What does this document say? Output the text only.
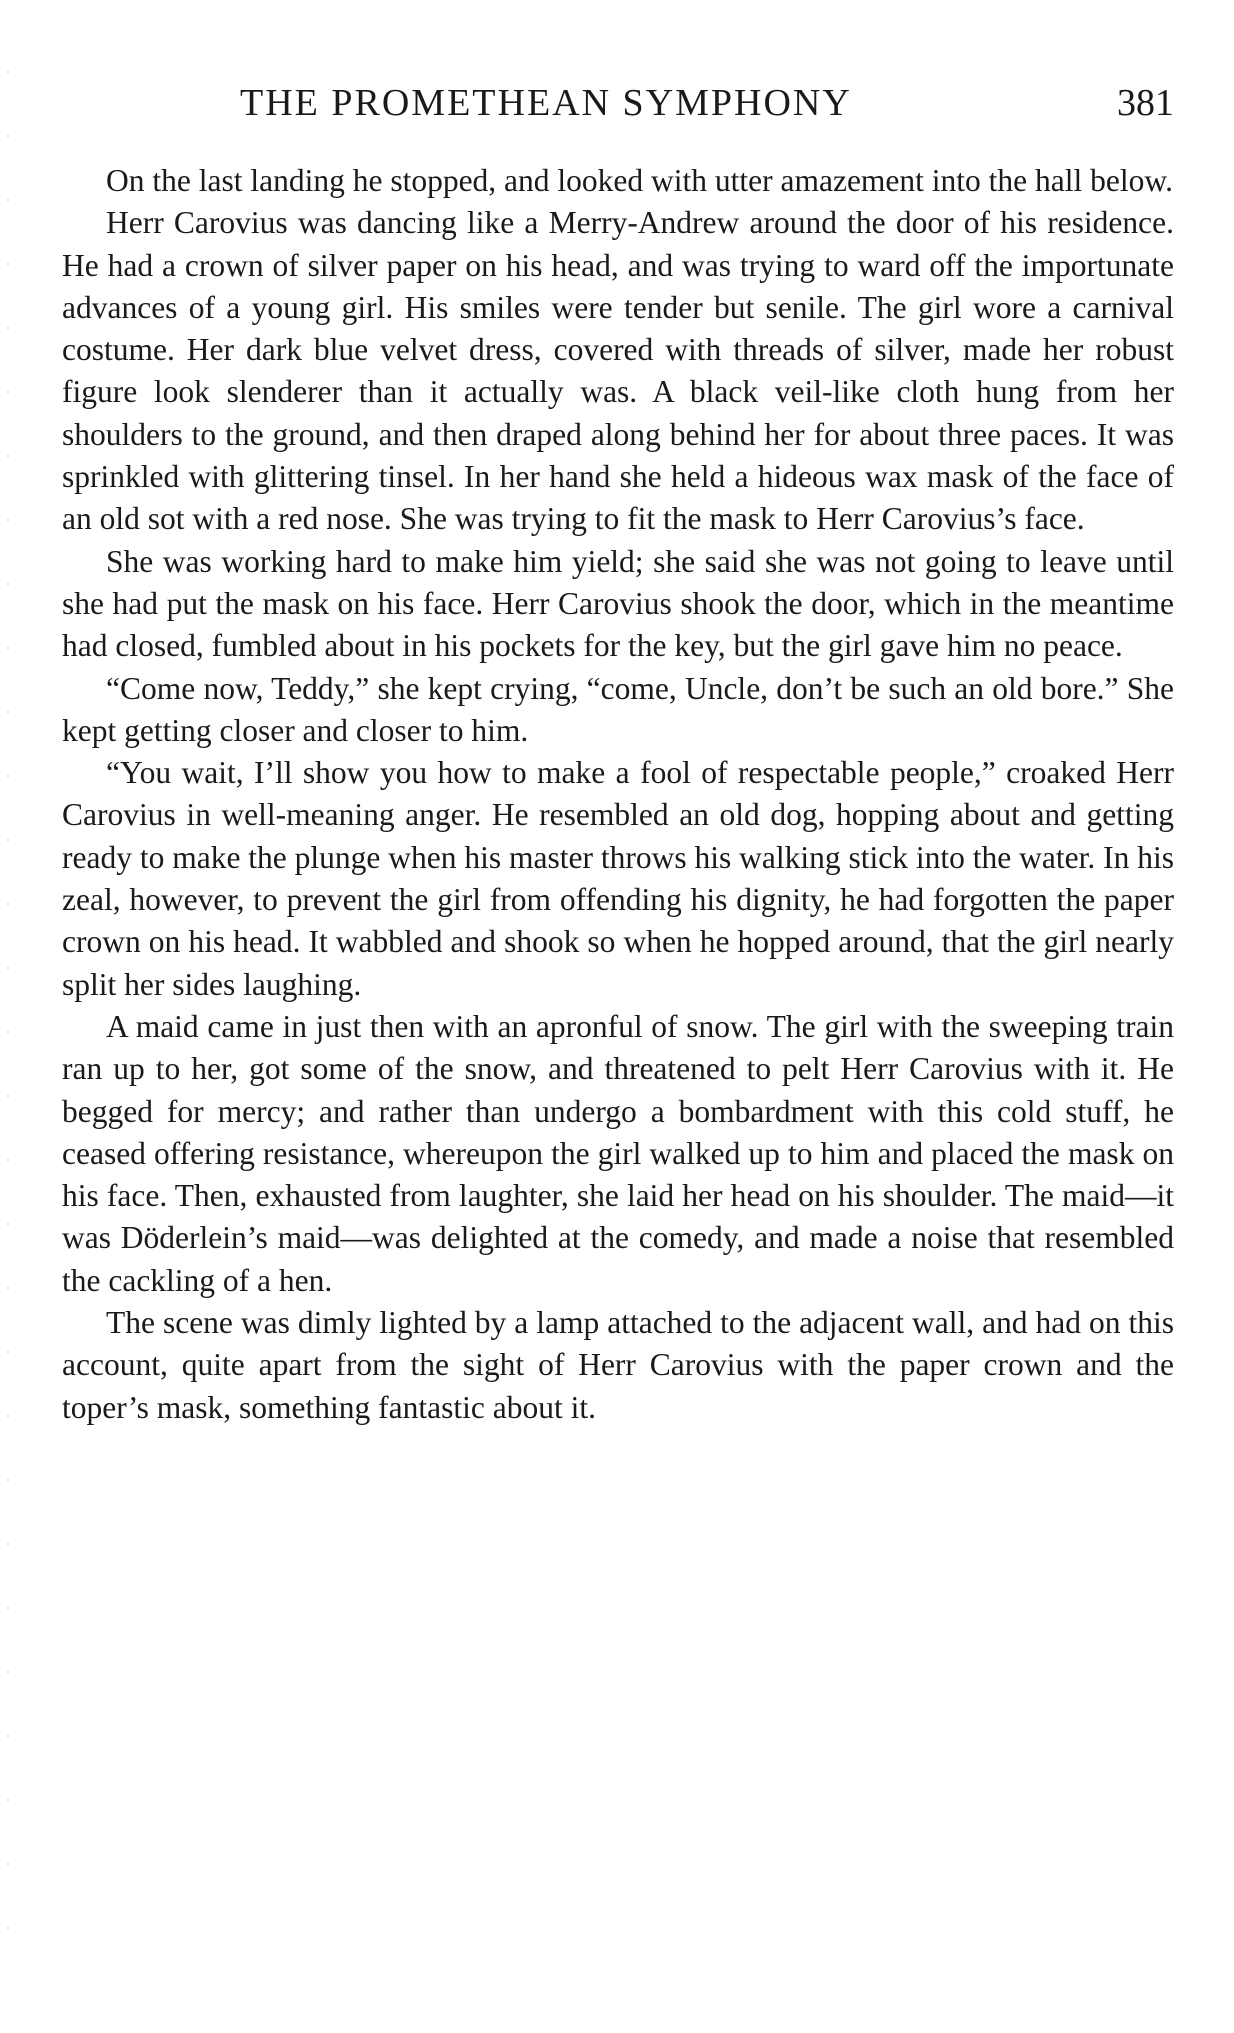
THE PROMETHEAN SYMPHONY	381

On the last landing he stopped, and looked with utter amazement into the hall below.

Herr Carovius was dancing like a Merry-Andrew around the door of his residence. He had a crown of silver paper on his head, and was trying to ward off the importunate advances of a young girl. His smiles were tender but senile. The girl wore a carnival costume. Her dark blue velvet dress, covered with threads of silver, made her robust figure look slenderer than it actually was. A black veil-like cloth hung from her shoulders to the ground, and then draped along behind her for about three paces. It was sprinkled with glittering tinsel. In her hand she held a hideous wax mask of the face of an old sot with a red nose. She was trying to fit the mask to Herr Carovius’s face.

She was working hard to make him yield; she said she was not going to leave until she had put the mask on his face. Herr Carovius shook the door, which in the meantime had closed, fumbled about in his pockets for the key, but the girl gave him no peace.

“Come now, Teddy,” she kept crying, “come, Uncle, don’t be such an old bore.” She kept getting closer and closer to him.

“You wait, I’ll show you how to make a fool of respectable people,” croaked Herr Carovius in well-meaning anger. He resembled an old dog, hopping about and getting ready to make the plunge when his master throws his walking stick into the water. In his zeal, however, to prevent the girl from offending his dignity, he had forgotten the paper crown on his head. It wabbled and shook so when he hopped around, that the girl nearly split her sides laughing.

A maid came in just then with an apronful of snow. The girl with the sweeping train ran up to her, got some of the snow, and threatened to pelt Herr Carovius with it. He begged for mercy; and rather than undergo a bombardment with this cold stuff, he ceased offering resistance, whereupon the girl walked up to him and placed the mask on his face. Then, exhausted from laughter, she laid her head on his shoulder. The maid—it was Döderlein’s maid—was delighted at the comedy, and made a noise that resembled the cackling of a hen.

The scene was dimly lighted by a lamp attached to the adjacent wall, and had on this account, quite apart from the sight of Herr Carovius with the paper crown and the toper’s mask, something fantastic about it.
